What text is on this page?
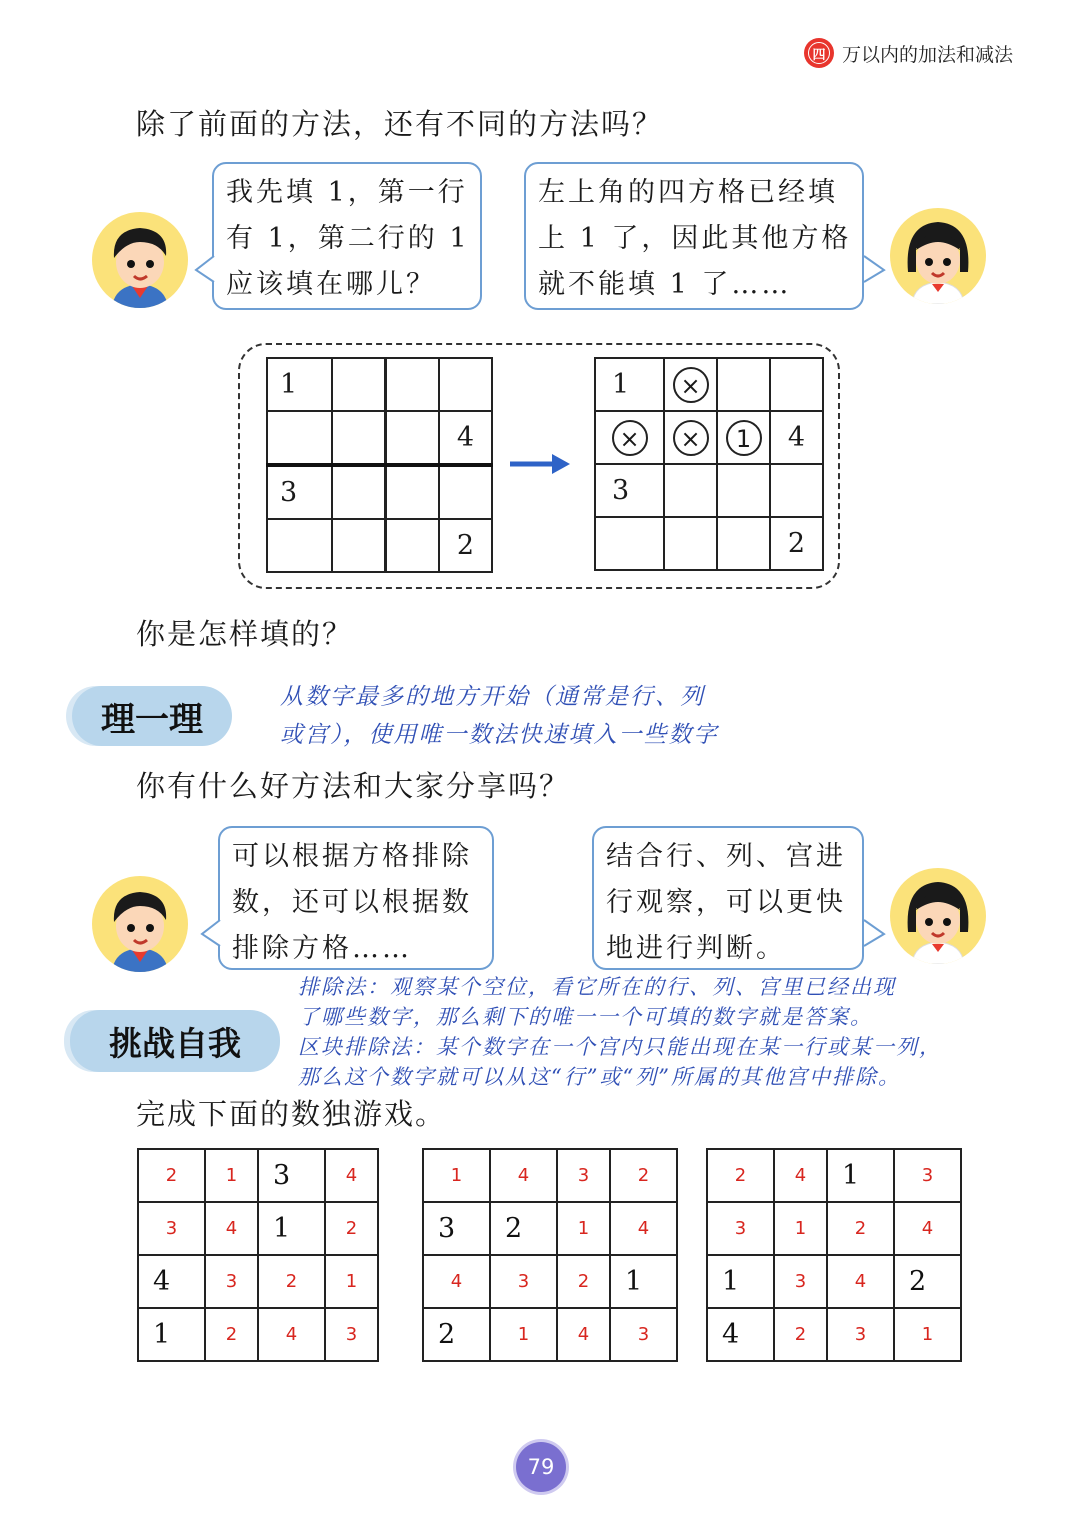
四 万以内的加法和减法
除了前面的方法，还有不同的方法吗？
我先填 1，第一行
有 1，第二行的 1
应该填在哪儿？
左上角的四方格已经填
上 1 了，因此其他方格
就不能填 1 了……
1			
			4
3			
			2
1	×		
×	×	1	4
3			
			2
你是怎样填的？
理一理
从数字最多的地方开始（通常是行、列
或宫），使用唯一数法快速填入一些数字
你有什么好方法和大家分享吗？
可以根据方格排除
数，还可以根据数
排除方格……
结合行、列、宫进
行观察，可以更快
地进行判断。
排除法：观察某个空位，看它所在的行、列、宫里已经出现
了哪些数字，那么剩下的唯一一个可填的数字就是答案。
区块排除法：某个数字在一个宫内只能出现在某一行或某一列，
那么这个数字就可以从这“行”或“列”所属的其他宫中排除。
挑战自我
完成下面的数独游戏。
2	1	3	4
3	4	1	2
4	3	2	1
1	2	4	3
1	4	3	2
3	2	1	4
4	3	2	1
2	1	4	3
2	4	1	3
3	1	2	4
1	3	4	2
4	2	3	1
79
